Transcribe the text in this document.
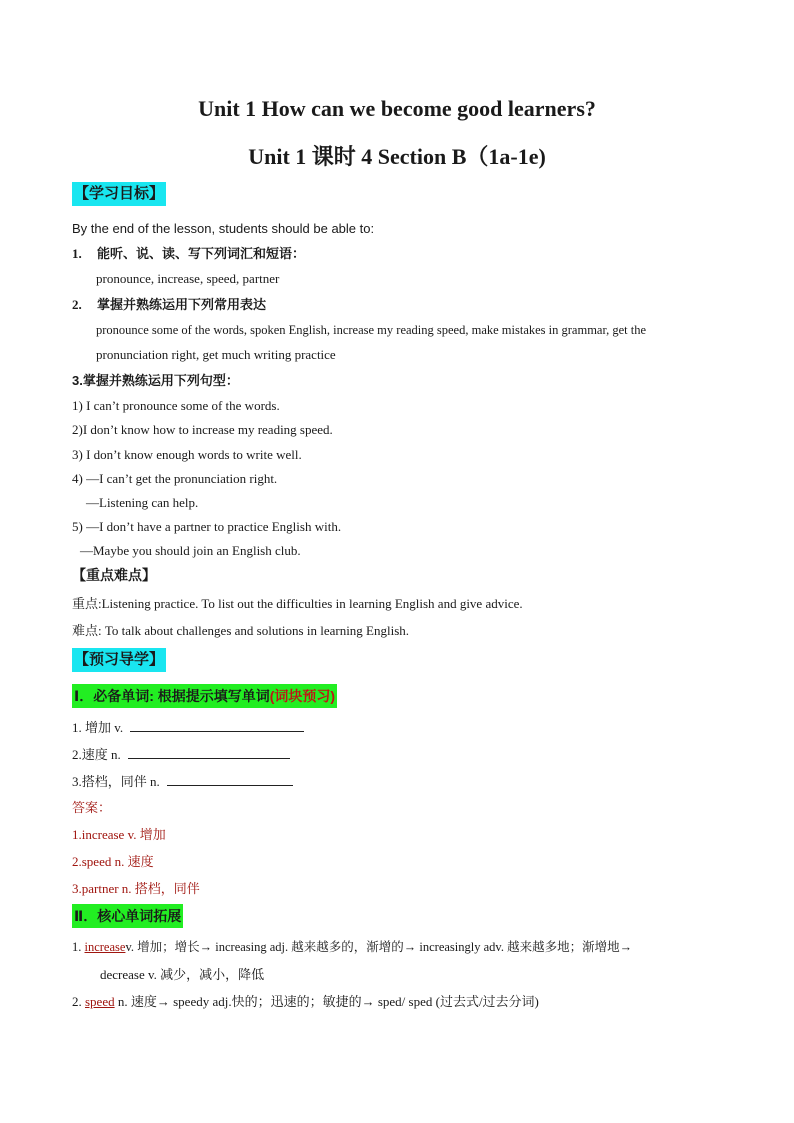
Unit 1 How can we become good learners?
Unit 1 课时 4 Section B（1a-1e)
【学习目标】
By the end of the lesson, students should be able to:
1. 能听、说、读、写下列词汇和短语：
pronounce, increase, speed, partner
2. 掌握并熟练运用下列常用表达
pronounce some of the words, spoken English, increase my reading speed, make mistakes in grammar, get the
pronunciation right, get much writing practice
3.掌握并熟练运用下列句型：
1) I can’t pronounce some of the words.
2)I don’t know how to increase my reading speed.
3) I don’t know enough words to write well.
4) —I can’t get the pronunciation right.
—Listening can help.
5) —I don’t have a partner to practice English with.
—Maybe you should join an English club.
【重点难点】
重点:Listening practice. To list out the difficulties in learning English and give advice.
难点: To talk about challenges and solutions in learning English.
【预习导学】
Ⅰ．必备单词: 根据提示填写单词(词块预习)
1. 增加 v.
2.速度 n.
3.搭档，同伴 n.
答案：
1.increase v. 增加
2.speed n. 速度
3.partner n. 搭档，同伴
Ⅱ．核心单词拓展
1. increasev. 增加；增长→ increasing adj. 越来越多的，渐增的→ increasingly adv. 越来越多地；渐增地→
decrease v. 减少，减小，降低
2. speed n. 速度→ speedy adj.快的；迅速的；敏捷的→ sped/ sped (过去式/过去分词)
